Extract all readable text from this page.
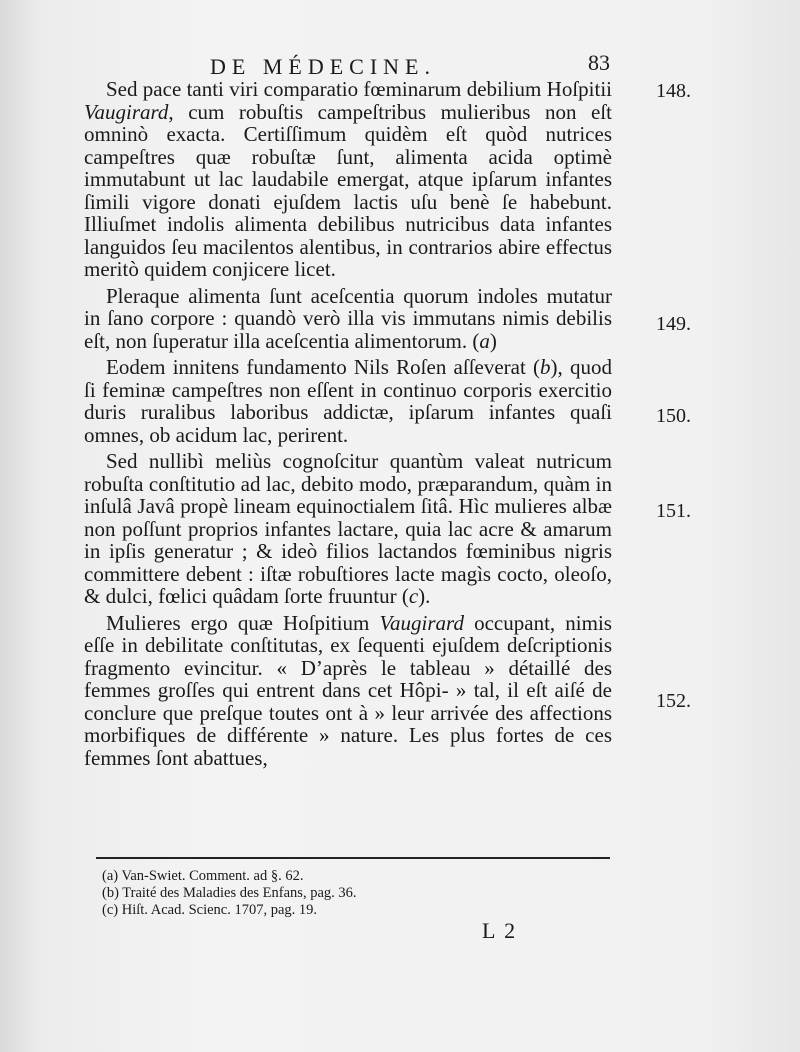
DE MÉDECINE.	83

Sed pace tanti viri comparatio fœminarum debilium Hoſpitii Vaugirard, cum robuſtis campeſtribus mulieribus non eſt omninò exacta. Certiſſimum quidèm eſt quòd nutrices campeſtres quæ robuſtæ ſunt, alimenta acida optimè immutabunt ut lac laudabile emergat, atque ipſarum infantes ſimili vigore donati ejuſdem lactis uſu benè ſe habebunt. Illiuſmet indolis alimenta debilibus nutricibus data infantes languidos ſeu macilentos alentibus, in contrarios abire effectus meritò quidem conjicere licet.

Pleraque alimenta ſunt aceſcentia quorum indoles mutatur in ſano corpore : quandò verò illa vis immutans nimis debilis eſt, non ſuperatur illa aceſcentia alimentorum. (a)

Eodem innitens fundamento Nils Roſen aſſeverat (b), quod ſi feminæ campeſtres non eſſent in continuo corporis exercitio duris ruralibus laboribus addictæ, ipſarum infantes quaſi omnes, ob acidum lac, perirent.

Sed nullibì meliùs cognoſcitur quantùm valeat nutricum robuſta conſtitutio ad lac, debito modo, præparandum, quàm in inſulâ Javâ propè lineam equinoctialem ſitâ. Hìc mulieres albæ non poſſunt proprios infantes lactare, quia lac acre & amarum in ipſis generatur ; & ideò filios lactandos fœminibus nigris committere debent : iſtæ robuſtiores lacte magìs cocto, oleoſo, & dulci, fœlici quâdam ſorte fruuntur (c).

Mulieres ergo quæ Hoſpitium Vaugirard occupant, nimis eſſe in debilitate conſtitutas, ex ſequenti ejuſdem deſcriptionis fragmento evincitur. « D’après le tableau » détaillé des femmes groſſes qui entrent dans cet Hôpi- » tal, il eſt aiſé de conclure que preſque toutes ont à » leur arrivée des affections morbifiques de différente » nature. Les plus fortes de ces femmes ſont abattues,

148.
149.
150.
151.
152.
(a) Van-Swiet. Comment. ad §. 62.
(b) Traité des Maladies des Enfans, pag. 36.
(c) Hiſt. Acad. Scienc. 1707, pag. 19.
L 2
